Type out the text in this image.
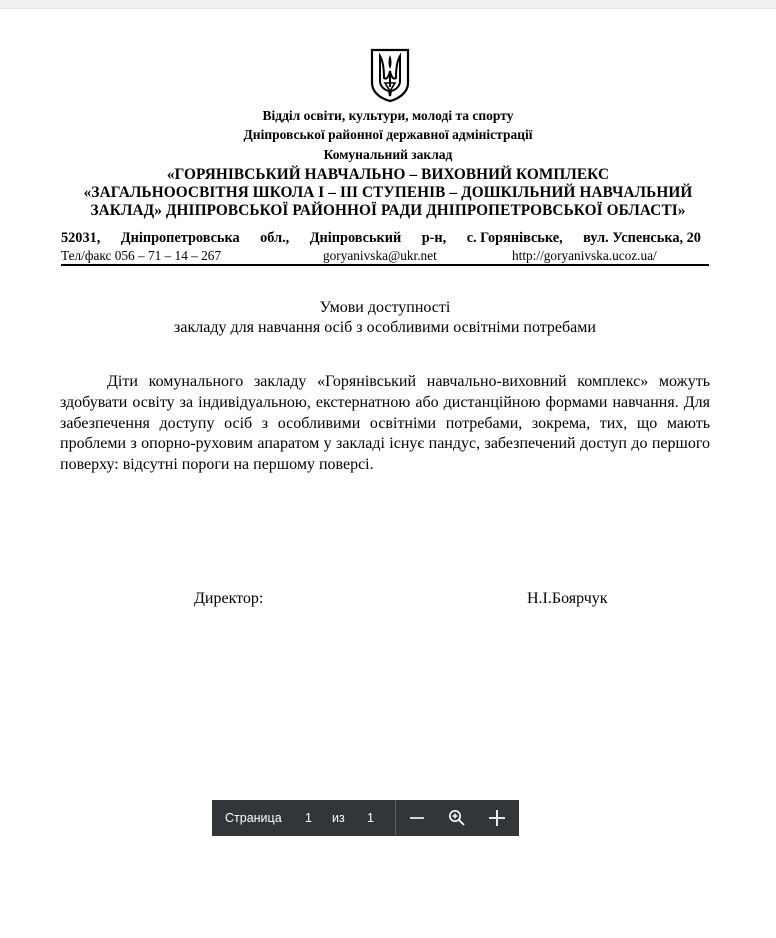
Відділ освіти, культури, молоді та спорту
Дніпровської районної державної адміністрації
Комунальний заклад
«ГОРЯНІВСЬКИЙ НАВЧАЛЬНО – ВИХОВНИЙ КОМПЛЕКС
«ЗАГАЛЬНООСВІТНЯ ШКОЛА І – ІІІ СТУПЕНІВ – ДОШКІЛЬНИЙ НАВЧАЛЬНИЙ
ЗАКЛАД» ДНІПРОВСЬКОЇ РАЙОННОЇ РАДИ ДНІПРОПЕТРОВСЬКОЇ ОБЛАСТІ»
52031, Дніпропетровська обл., Дніпровський р-н, с. Горянівське, вул. Успенська, 20
Тел/факс 056 – 71 – 14 – 267	goryanivska@ukr.net	http://goryanivska.ucoz.ua/
Умови доступності
закладу для навчання осіб з особливими освітніми потребами

Діти комунального закладу «Горянівський навчально-виховний комплекс» можуть здобувати освіту за індивідуальною, екстернатною або дистанційною формами навчання. Для забезпечення доступу осіб з особливими освітніми потребами, зокрема, тих, що мають проблеми з опорно-руховим апаратом у закладі існує пандус, забезпечений доступ до першого поверху: відсутні пороги на першому поверсі.

Директор:	Н.І.Боярчук
Страница 1 из 1
